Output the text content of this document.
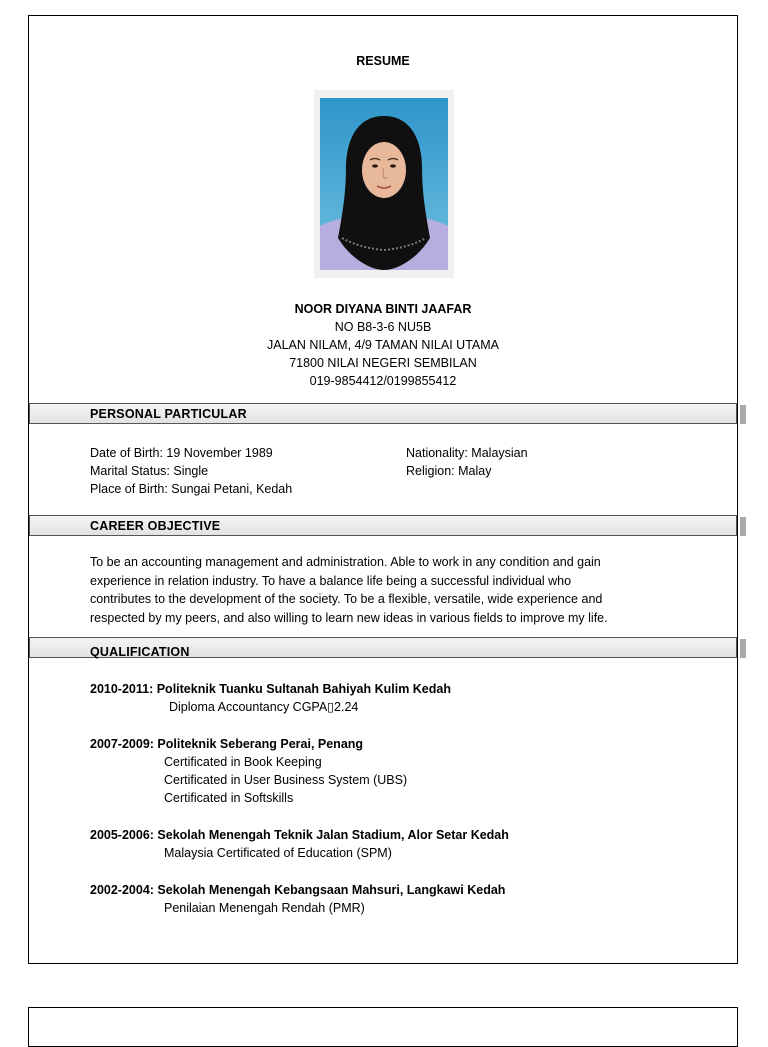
RESUME
NOOR DIYANA BINTI JAAFAR
NO B8-3-6 NU5B
JALAN NILAM, 4/9 TAMAN NILAI UTAMA
71800 NILAI NEGERI SEMBILAN
019-9854412/0199855412
PERSONAL PARTICULAR
Date of Birth: 19 November 1989
Marital Status: Single
Place of Birth: Sungai Petani, Kedah
Nationality: Malaysian
Religion: Malay
CAREER OBJECTIVE
To be an accounting management and administration. Able to work in any condition and gain
experience in relation industry. To have a balance life being a successful individual who
contributes to the development of the society. To be a flexible, versatile, wide experience and
respected by my peers, and also willing to learn new ideas in various fields to improve my life.
QUALIFICATION
2010-2011: Politeknik Tuanku Sultanah Bahiyah Kulim Kedah
Diploma Accountancy CGPA▯2.24
2007-2009: Politeknik Seberang Perai, Penang
Certificated in Book Keeping
Certificated in User Business System (UBS)
Certificated in Softskills
2005-2006: Sekolah Menengah Teknik Jalan Stadium, Alor Setar Kedah
Malaysia Certificated of Education (SPM)
2002-2004: Sekolah Menengah Kebangsaan Mahsuri, Langkawi Kedah
Penilaian Menengah Rendah (PMR)
